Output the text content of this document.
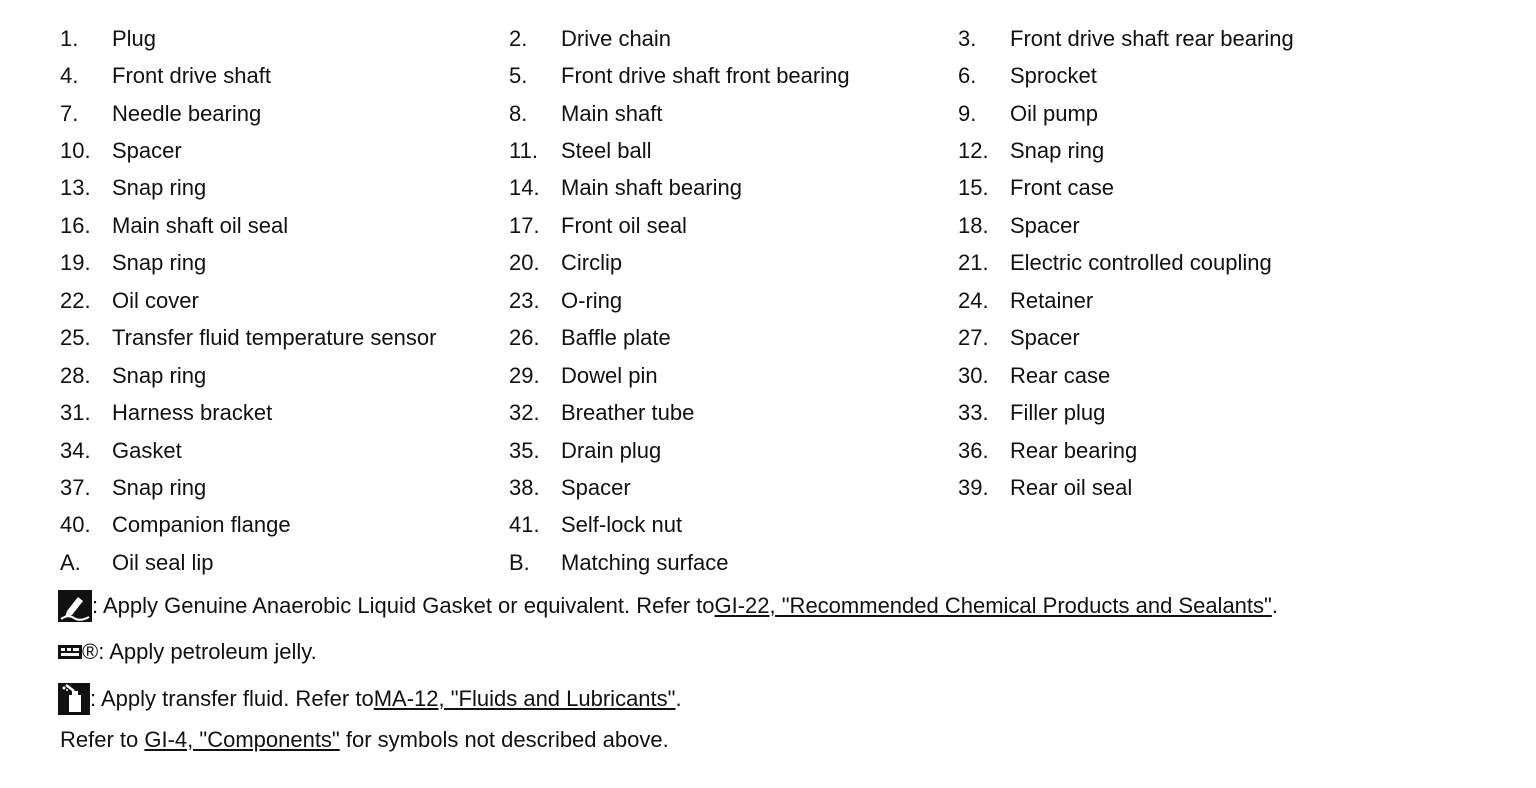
1.	Plug	2.	Drive chain	3.	Front drive shaft rear bearing
4.	Front drive shaft	5.	Front drive shaft front bearing	6.	Sprocket
7.	Needle bearing	8.	Main shaft	9.	Oil pump
10. Spacer	11.	Steel ball	12. Snap ring
13. Snap ring	14. Main shaft bearing	15. Front case
16. Main shaft oil seal	17. Front oil seal	18. Spacer
19. Snap ring	20. Circlip	21. Electric controlled coupling
22. Oil cover	23. O-ring	24. Retainer
25. Transfer fluid temperature sensor	26. Baffle plate	27. Spacer
28. Snap ring	29. Dowel pin	30. Rear case
31. Harness bracket	32. Breather tube	33. Filler plug
34. Gasket	35. Drain plug	36. Rear bearing
37. Snap ring	38. Spacer	39. Rear oil seal
40. Companion flange	41. Self-lock nut
A.	Oil seal lip	B.	Matching surface
: Apply Genuine Anaerobic Liquid Gasket or equivalent. Refer to GI-22, "Recommended Chemical Products and Sealants" .
® : Apply petroleum jelly.
: Apply transfer fluid. Refer to MA-12, "Fluids and Lubricants" .
Refer to GI-4, "Components" for symbols not described above.
